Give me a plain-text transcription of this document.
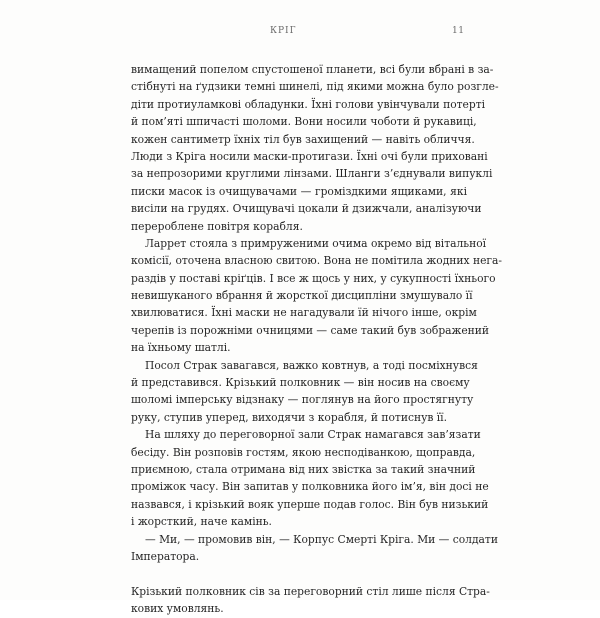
КРІГ	11
вимащений попелом спустошеної планети, всі були вбрані в за-
стібнуті на ґудзики темні шинелі, під якими можна було розгле-
діти протиуламкові обладунки. Їхні голови увінчували потерті
й пом’яті шпичасті шоломи. Вони носили чоботи й рукавиці,
кожен сантиметр їхніх тіл був захищений — навіть обличчя.
Люди з Кріга носили маски-протигази. Їхні очі були приховані
за непрозорими круглими лінзами. Шланги з’єднували випуклі
писки масок із очищувачами — громіздкими ящиками, які
висіли на грудях. Очищувачі цокали й дзижчали, аналізуючи
перероблене повітря корабля.
Ларрет стояла з примруженими очима окремо від вітальної
комісії, оточена власною свитою. Вона не помітила жодних нега-
раздів у поставі кріґців. І все ж щось у них, у сукупності їхнього
невишуканого вбрання й жорсткої дисципліни змушувало її
хвилюватися. Їхні маски не нагадували їй нічого інше, окрім
черепів із порожніми очницями — саме такий був зображений
на їхньому шатлі.
Посол Страк завагався, важко ковтнув, а тоді посміхнувся
й представився. Крізький полковник — він носив на своєму
шоломі імперську відзнаку — поглянув на його простягнуту
руку, ступив уперед, виходячи з корабля, й потиснув її.
На шляху до переговорної зали Страк намагався зав’язати
бесіду. Він розповів гостям, якою несподіванкою, щоправда,
приємною, стала отримана від них звістка за такий значний
проміжок часу. Він запитав у полковника його ім’я, він досі не
назвався, і крізький вояк уперше подав голос. Він був низький
і жорсткий, наче камінь.
— Ми, — промовив він, — Корпус Смерті Кріга. Ми — солдати
Імператора.
Крізький полковник сів за переговорний стіл лише після Стра-
кових умовлянь.
